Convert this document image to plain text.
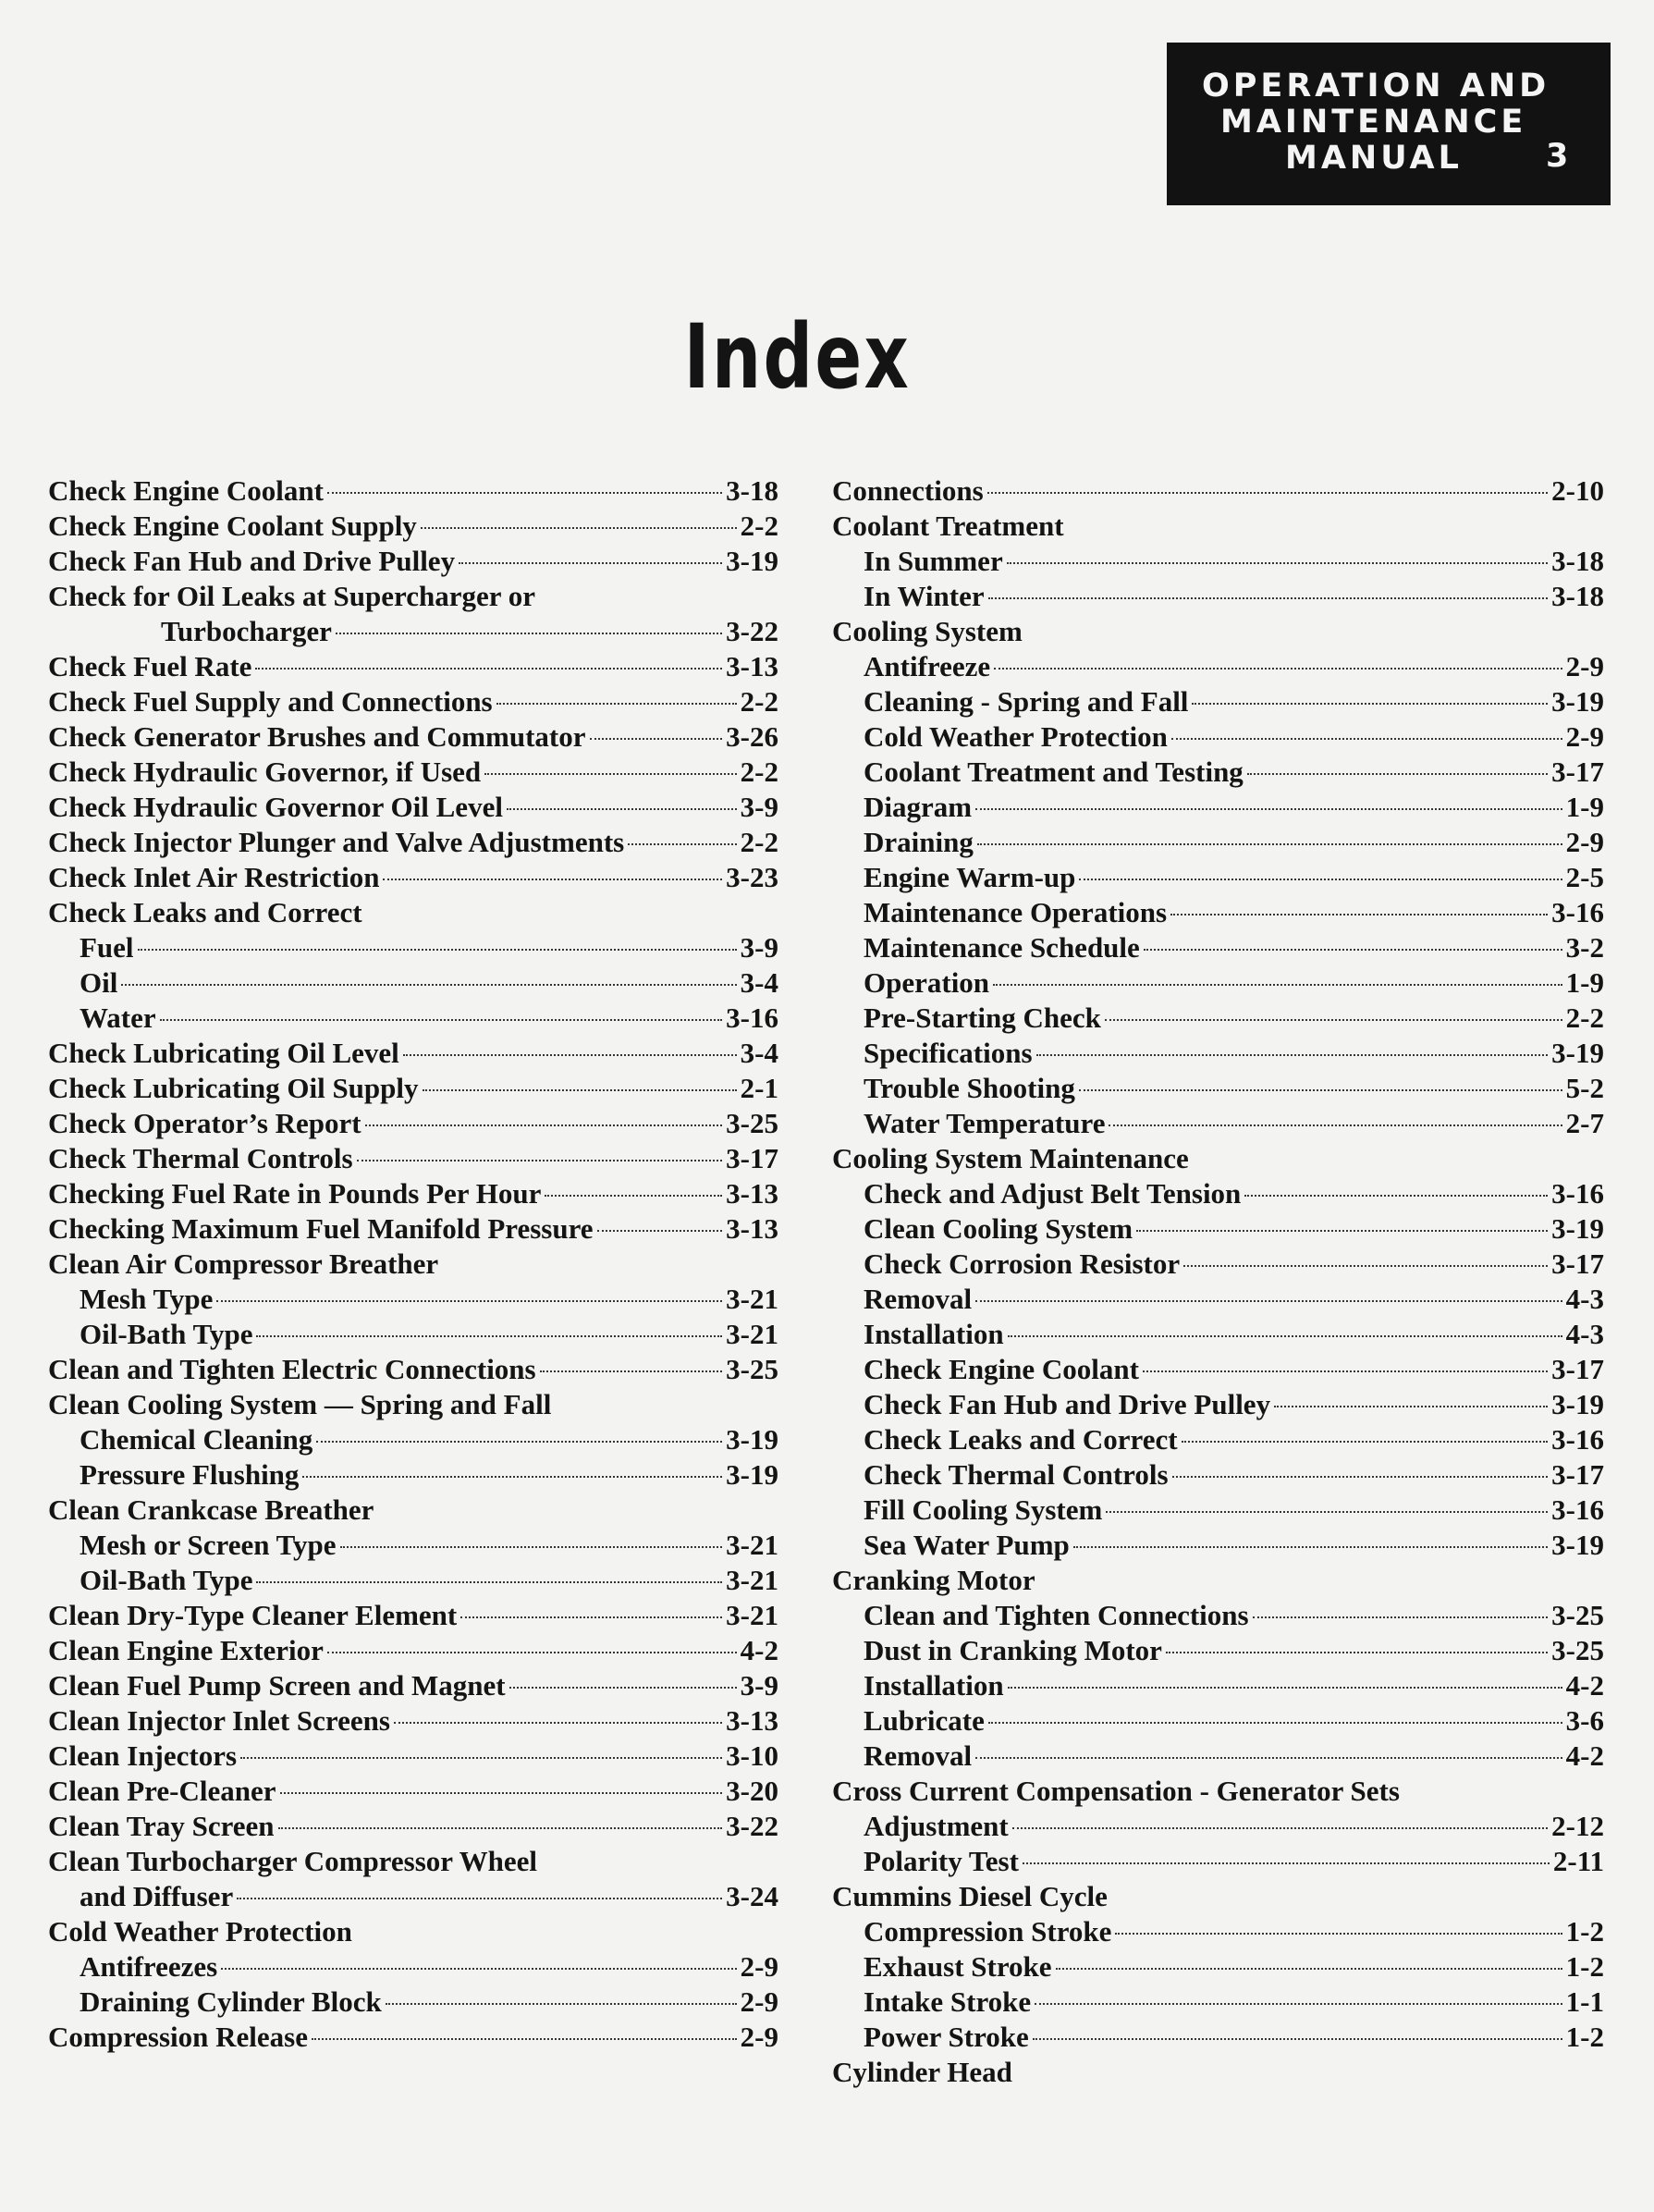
OPERATION AND
MAINTENANCE
MANUAL	3
Index
Check Engine Coolant	3-18
Check Engine Coolant Supply	2-2
Check Fan Hub and Drive Pulley	3-19
Check for Oil Leaks at Supercharger or
Turbocharger	3-22
Check Fuel Rate	3-13
Check Fuel Supply and Connections	2-2
Check Generator Brushes and Commutator	3-26
Check Hydraulic Governor, if Used	2-2
Check Hydraulic Governor Oil Level	3-9
Check Injector Plunger and Valve Adjustments	2-2
Check Inlet Air Restriction	3-23
Check Leaks and Correct
Fuel	3-9
Oil	3-4
Water	3-16
Check Lubricating Oil Level	3-4
Check Lubricating Oil Supply	2-1
Check Operator’s Report	3-25
Check Thermal Controls	3-17
Checking Fuel Rate in Pounds Per Hour	3-13
Checking Maximum Fuel Manifold Pressure	3-13
Clean Air Compressor Breather
Mesh Type	3-21
Oil-Bath Type	3-21
Clean and Tighten Electric Connections	3-25
Clean Cooling System — Spring and Fall
Chemical Cleaning	3-19
Pressure Flushing	3-19
Clean Crankcase Breather
Mesh or Screen Type	3-21
Oil-Bath Type	3-21
Clean Dry-Type Cleaner Element	3-21
Clean Engine Exterior	4-2
Clean Fuel Pump Screen and Magnet	3-9
Clean Injector Inlet Screens	3-13
Clean Injectors	3-10
Clean Pre-Cleaner	3-20
Clean Tray Screen	3-22
Clean Turbocharger Compressor Wheel
and Diffuser	3-24
Cold Weather Protection
Antifreezes	2-9
Draining Cylinder Block	2-9
Compression Release	2-9
Connections	2-10
Coolant Treatment
In Summer	3-18
In Winter	3-18
Cooling System
Antifreeze	2-9
Cleaning - Spring and Fall	3-19
Cold Weather Protection	2-9
Coolant Treatment and Testing	3-17
Diagram	1-9
Draining	2-9
Engine Warm-up	2-5
Maintenance Operations	3-16
Maintenance Schedule	3-2
Operation	1-9
Pre-Starting Check	2-2
Specifications	3-19
Trouble Shooting	5-2
Water Temperature	2-7
Cooling System Maintenance
Check and Adjust Belt Tension	3-16
Clean Cooling System	3-19
Check Corrosion Resistor	3-17
Removal	4-3
Installation	4-3
Check Engine Coolant	3-17
Check Fan Hub and Drive Pulley	3-19
Check Leaks and Correct	3-16
Check Thermal Controls	3-17
Fill Cooling System	3-16
Sea Water Pump	3-19
Cranking Motor
Clean and Tighten Connections	3-25
Dust in Cranking Motor	3-25
Installation	4-2
Lubricate	3-6
Removal	4-2
Cross Current Compensation - Generator Sets
Adjustment	2-12
Polarity Test	2-11
Cummins Diesel Cycle
Compression Stroke	1-2
Exhaust Stroke	1-2
Intake Stroke	1-1
Power Stroke	1-2
Cylinder Head
